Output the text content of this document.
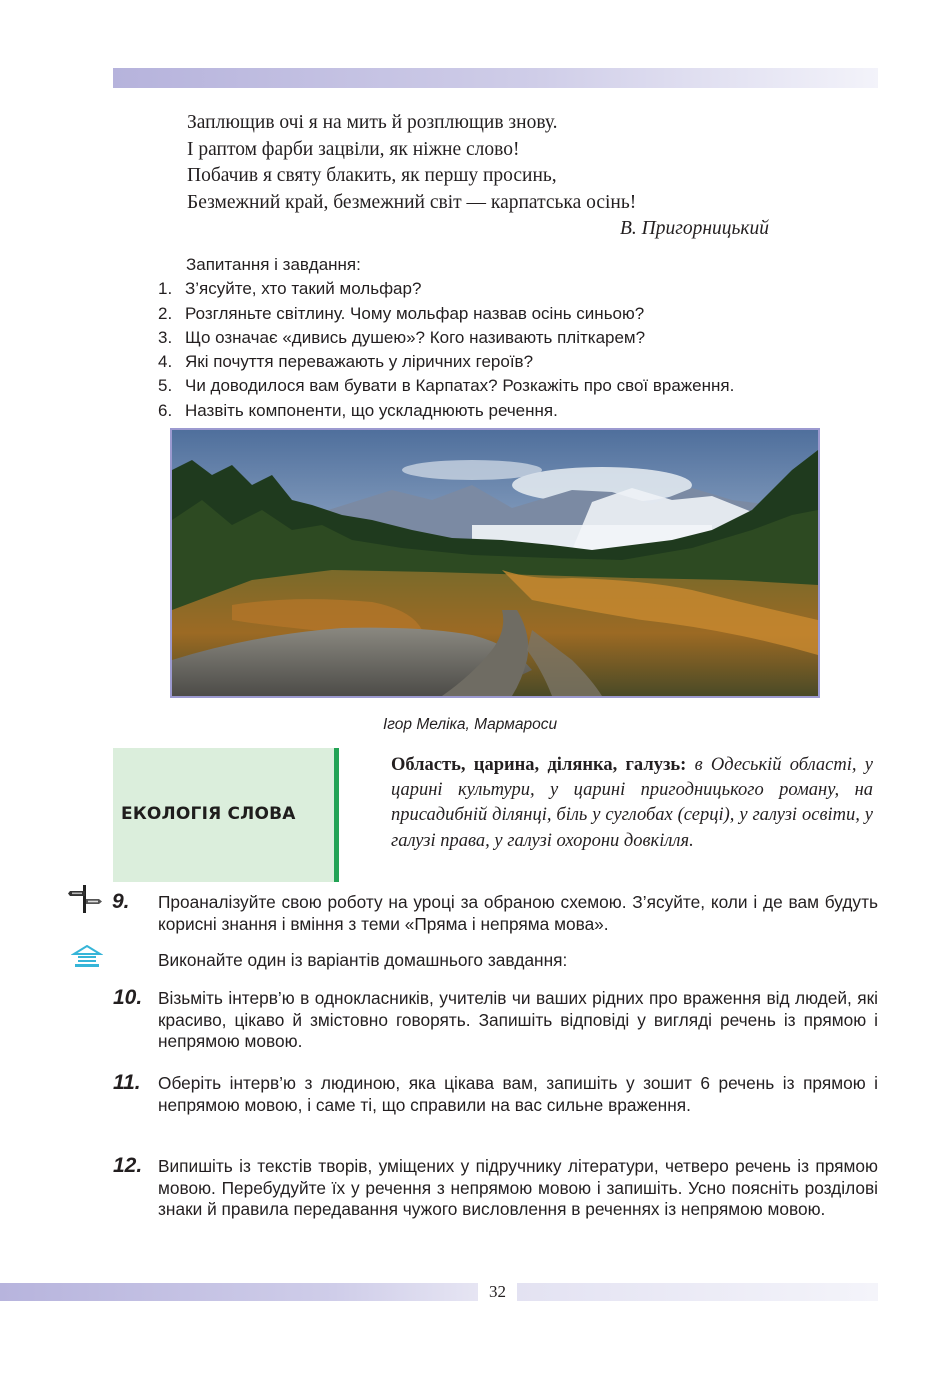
Заплющив очі я на мить й розплющив знову.
І раптом фарби зацвіли, як ніжне слово!
Побачив я святу блакить, як першу просинь,
Безмежний край, безмежний світ — карпатська осінь!
В. Пригорницький
Запитання і завдання:
1. З’ясуйте, хто такий мольфар?
2. Розгляньте світлину. Чому мольфар назвав осінь синьою?
3. Що означає «дивись душею»? Кого називають пліткарем?
4. Які почуття переважають у ліричних героїв?
5. Чи доводилося вам бувати в Карпатах? Розкажіть про свої враження.
6. Назвіть компоненти, що ускладнюють речення.
Ігор Меліка, Мармароси
ЕКОЛОГІЯ СЛОВА
Область, царина, ділянка, галузь: в Одеській області, у царині культури, у царині пригодницького роману, на присадибній ділянці, біль у суглобах (серці), у галузі освіти, у галузі права, у галузі охорони довкілля.
9. Проаналізуйте свою роботу на уроці за обраною схемою. З’ясуйте, коли і де вам будуть корисні знання і вміння з теми «Пряма і непряма мова».
Виконайте один із варіантів домашнього завдання:
10. Візьміть інтерв’ю в однокласників, учителів чи ваших рідних про враження від людей, які красиво, цікаво й змістовно говорять. Запишіть відповіді у вигляді речень із прямою і непрямою мовою.
11. Оберіть інтерв’ю з людиною, яка цікава вам, запишіть у зошит 6 речень із прямою і непрямою мовою, і саме ті, що справили на вас сильне враження.
12. Випишіть із текстів творів, уміщених у підручнику літератури, четверо речень із прямою мовою. Перебудуйте їх у речення з непрямою мовою і запишіть. Усно поясніть розділові знаки й правила передавання чужого висловлення в реченнях із непрямою мовою.
32
